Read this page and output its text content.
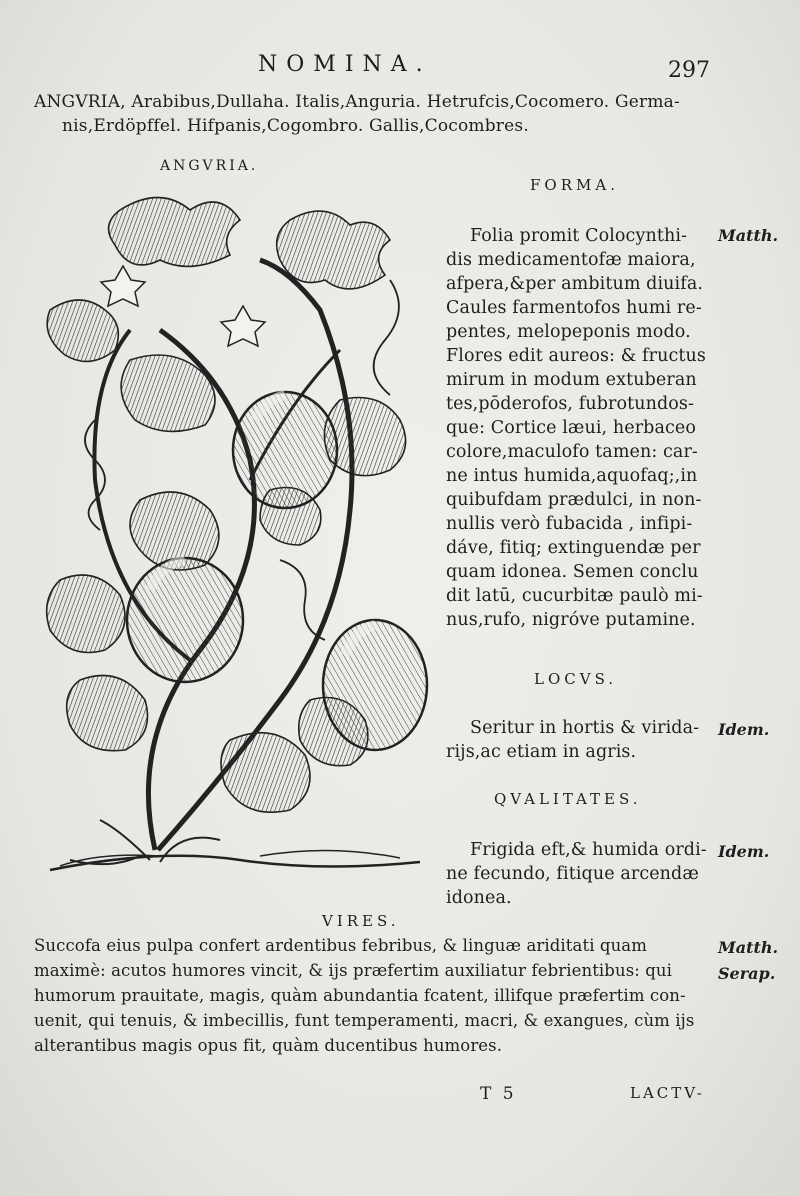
NOMINA.	297
ANGVRIA, Arabibus,Dullaha. Italis,Anguria. Hetrufcis,Cocomero. Germa-
nis,Erdöpffel. Hifpanis,Cogombro. Gallis,Cocombres.
ANGVRIA.
FORMA.
Matth.
Folia promit Colocynthi-
dis medicamentofæ maiora,
afpera,&per ambitum diuifa.
Caules farmentofos humi re-
pentes, melopeponis modo.
Flores edit aureos: & fructus
mirum in modum extuberan
tes,pōderofos, fubrotundos-
que: Cortice læui, herbaceo
colore,maculofo tamen: car-
ne intus humida,aquofaq;,in
quibufdam prædulci, in non-
nullis verò fubacida , infipi-
dáve, fitiq; extinguendæ per
quam idonea. Semen conclu
dit latū, cucurbitæ paulò mi-
nus,rufo, nigróve putamine.
LOCVS.
Idem.
Seritur in hortis & virida-
rijs,ac etiam in agris.
QVALITATES.
Idem.
Frigida eft,& humida ordi-
ne fecundo, fitique arcendæ
idonea.
VIRES.
Matth.
Serap.
Succofa eius pulpa confert ardentibus febribus, & linguæ ariditati quam
maximè: acutos humores vincit, & ijs præfertim auxiliatur febrientibus: qui
humorum prauitate, magis, quàm abundantia fcatent, illifque præfertim con-
uenit, qui tenuis, & imbecillis, funt temperamenti, macri, & exangues, cùm ijs
alterantibus magis opus fit, quàm ducentibus humores.
T 5	LACTV-
